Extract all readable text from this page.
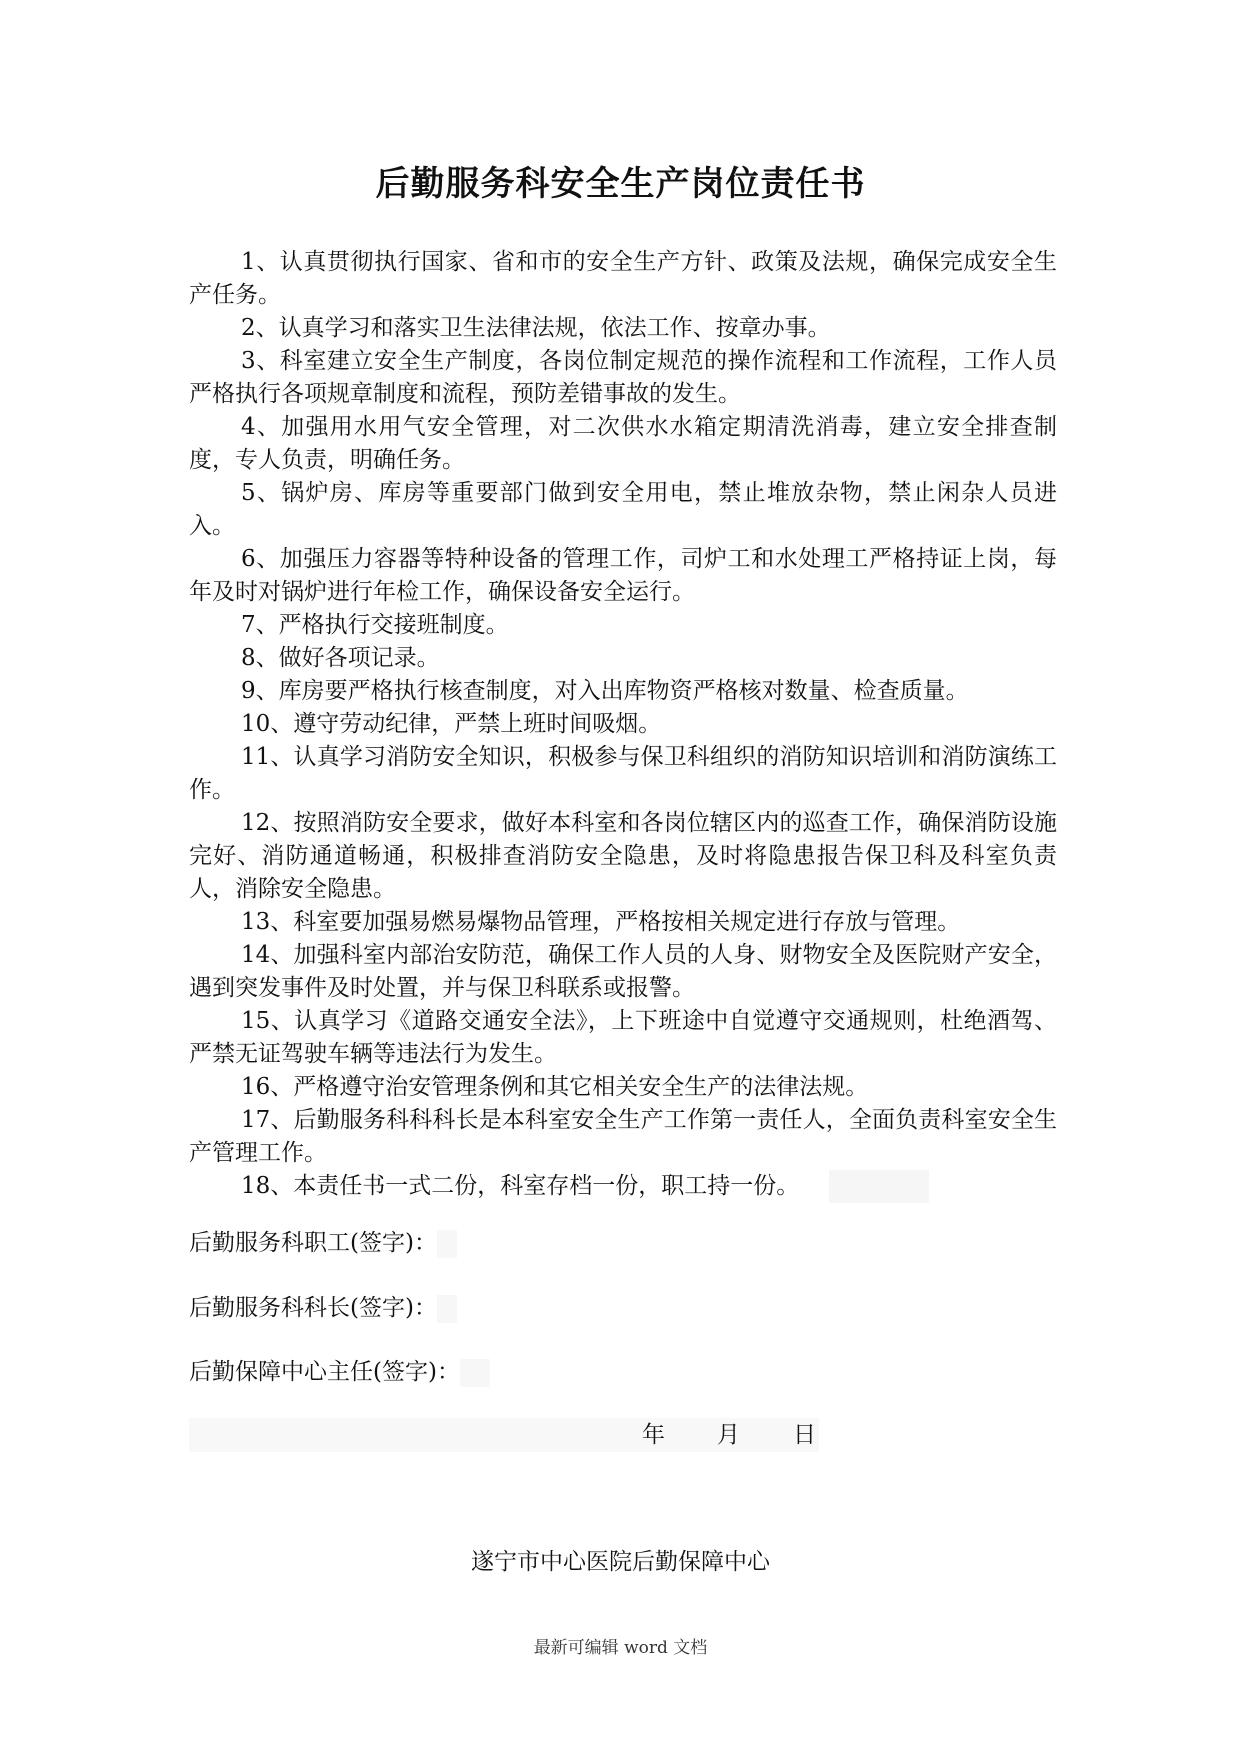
后勤服务科安全生产岗位责任书

1、认真贯彻执行国家、省和市的安全生产方针、政策及法规，确保完成安全生产任务。

2、认真学习和落实卫生法律法规，依法工作、按章办事。

3、科室建立安全生产制度，各岗位制定规范的操作流程和工作流程，工作人员严格执行各项规章制度和流程，预防差错事故的发生。

4、加强用水用气安全管理，对二次供水水箱定期清洗消毒，建立安全排查制度，专人负责，明确任务。

5、锅炉房、库房等重要部门做到安全用电，禁止堆放杂物，禁止闲杂人员进入。

6、加强压力容器等特种设备的管理工作，司炉工和水处理工严格持证上岗，每年及时对锅炉进行年检工作，确保设备安全运行。

7、严格执行交接班制度。

8、做好各项记录。

9、库房要严格执行核查制度，对入出库物资严格核对数量、检查质量。

10、遵守劳动纪律，严禁上班时间吸烟。

11、认真学习消防安全知识，积极参与保卫科组织的消防知识培训和消防演练工作。

12、按照消防安全要求，做好本科室和各岗位辖区内的巡查工作，确保消防设施完好、消防通道畅通，积极排查消防安全隐患，及时将隐患报告保卫科及科室负责人，消除安全隐患。

13、科室要加强易燃易爆物品管理，严格按相关规定进行存放与管理。

14、加强科室内部治安防范，确保工作人员的人身、财物安全及医院财产安全，遇到突发事件及时处置，并与保卫科联系或报警。

15、认真学习《道路交通安全法》，上下班途中自觉遵守交通规则，杜绝酒驾、严禁无证驾驶车辆等违法行为发生。

16、严格遵守治安管理条例和其它相关安全生产的法律法规。

17、后勤服务科科科长是本科室安全生产工作第一责任人，全面负责科室安全生产管理工作。

18、本责任书一式二份，科室存档一份，职工持一份。

后勤服务科职工(签字)：

后勤服务科科长(签字)：

后勤保障中心主任(签字)：

年 月 日
遂宁市中心医院后勤保障中心
最新可编辑 word 文档
